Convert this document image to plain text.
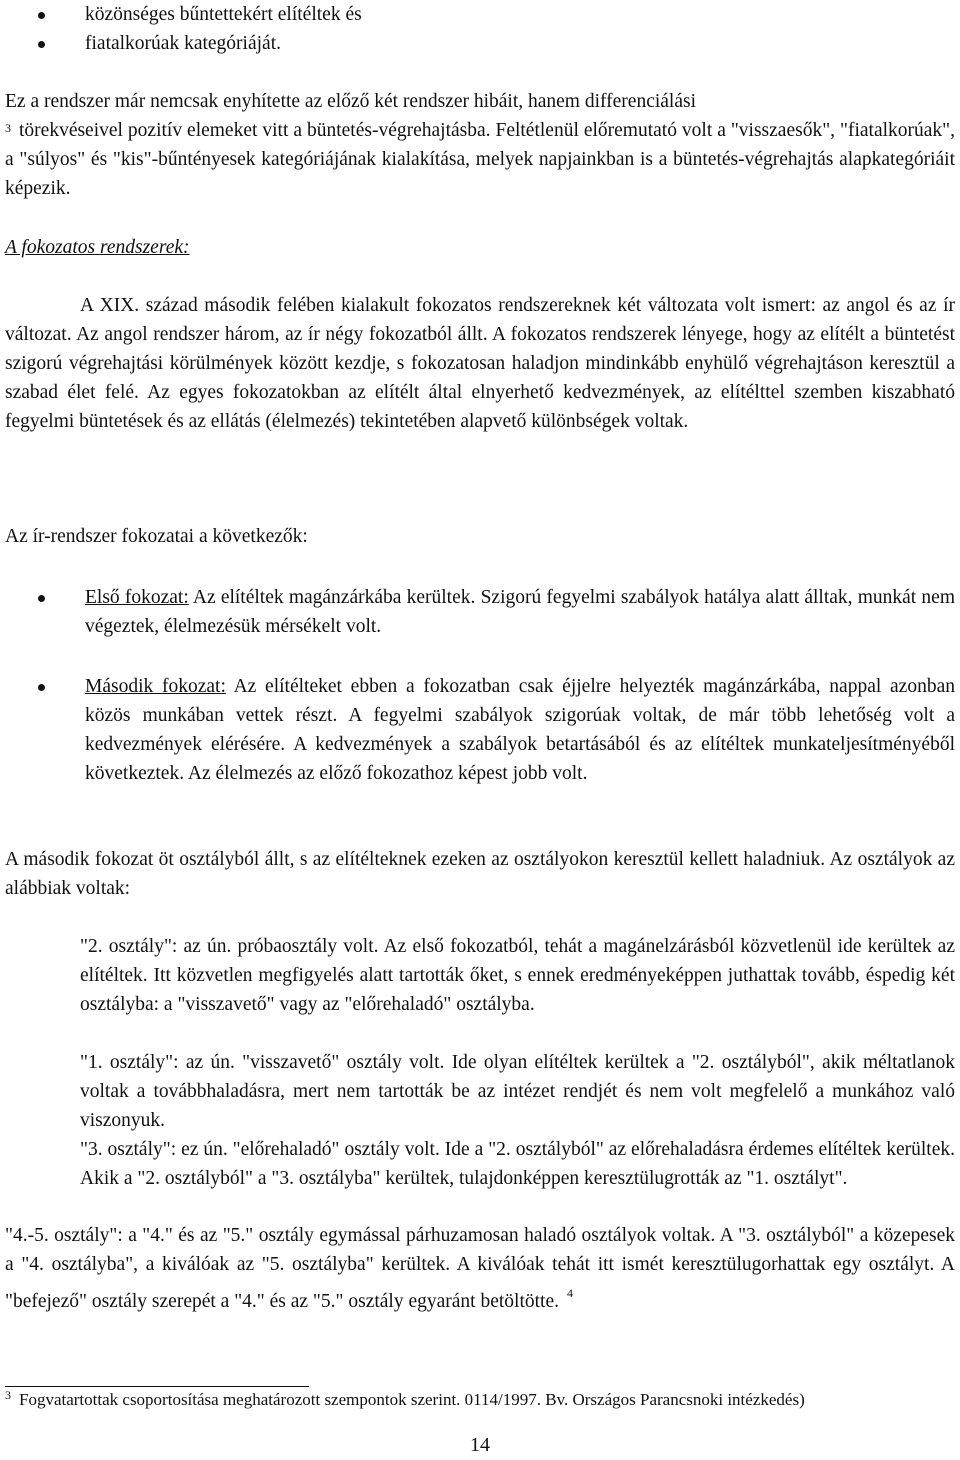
közönséges bűntettekért elítéltek és

fiatalkorúak kategóriáját.

Ez a rendszer már nemcsak enyhítette az előző két rendszer hibáit, hanem differenciálási

3 törekvéseivel pozitív elemeket vitt a büntetés-végrehajtásba. Feltétlenül előremutató volt a "visszaesők", "fiatalkorúak", a "súlyos" és "kis"-bűntényesek kategóriájának kialakítása, melyek napjainkban is a büntetés-végrehajtás alapkategóriáit képezik.

A fokozatos rendszerek:

A XIX. század második felében kialakult fokozatos rendszereknek két változata volt ismert: az angol és az ír változat. Az angol rendszer három, az ír négy fokozatból állt. A fokozatos rendszerek lényege, hogy az elítélt a büntetést szigorú végrehajtási körülmények között kezdje, s fokozatosan haladjon mindinkább enyhülő végrehajtáson keresztül a szabad élet felé. Az egyes fokozatokban az elítélt által elnyerhető kedvezmények, az elítélttel szemben kiszabható fegyelmi büntetések és az ellátás (élelmezés) tekintetében alapvető különbségek voltak.

Az ír-rendszer fokozatai a következők:

Első fokozat: Az elítéltek magánzárkába kerültek. Szigorú fegyelmi szabályok hatálya alatt álltak, munkát nem végeztek, élelmezésük mérsékelt volt.

Második fokozat: Az elítélteket ebben a fokozatban csak éjjelre helyezték magánzárkába, nappal azonban közös munkában vettek részt. A fegyelmi szabályok szigorúak voltak, de már több lehetőség volt a kedvezmények elérésére. A kedvezmények a szabályok betartásából és az elítéltek munkateljesítményéből következtek. Az élelmezés az előző fokozathoz képest jobb volt.

A második fokozat öt osztályból állt, s az elítélteknek ezeken az osztályokon keresztül kellett haladniuk. Az osztályok az alábbiak voltak:

"2. osztály": az ún. próbaosztály volt. Az első fokozatból, tehát a magánelzárásból közvetlenül ide kerültek az elítéltek. Itt közvetlen megfigyelés alatt tartották őket, s ennek eredményeképpen juthattak tovább, éspedig két osztályba: a "visszavető" vagy az "előrehaladó" osztályba.

"1. osztály": az ún. "visszavető" osztály volt. Ide olyan elítéltek kerültek a "2. osztályból", akik méltatlanok voltak a továbbhaladásra, mert nem tartották be az intézet rendjét és nem volt megfelelő a munkához való viszonyuk.

"3. osztály": ez ún. "előrehaladó" osztály volt. Ide a "2. osztályból" az előrehaladásra érdemes elítéltek kerültek. Akik a "2. osztályból" a "3. osztályba" kerültek, tulajdonképpen keresztülugrották az "1. osztályt".

"4.-5. osztály": a "4." és az "5." osztály egymással párhuzamosan haladó osztályok voltak. A "3. osztályból" a közepesek a "4. osztályba", a kiválóak az "5. osztályba" kerültek. A kiválóak tehát itt ismét keresztülugorhattak egy osztályt. A "befejező" osztály szerepét a "4." és az "5." osztály egyaránt betöltötte. $^4$

3 Fogvatartottak csoportosítása meghatározott szempontok szerint. 0114/1997. Bv. Országos Parancsnoki intézkedés)

14
